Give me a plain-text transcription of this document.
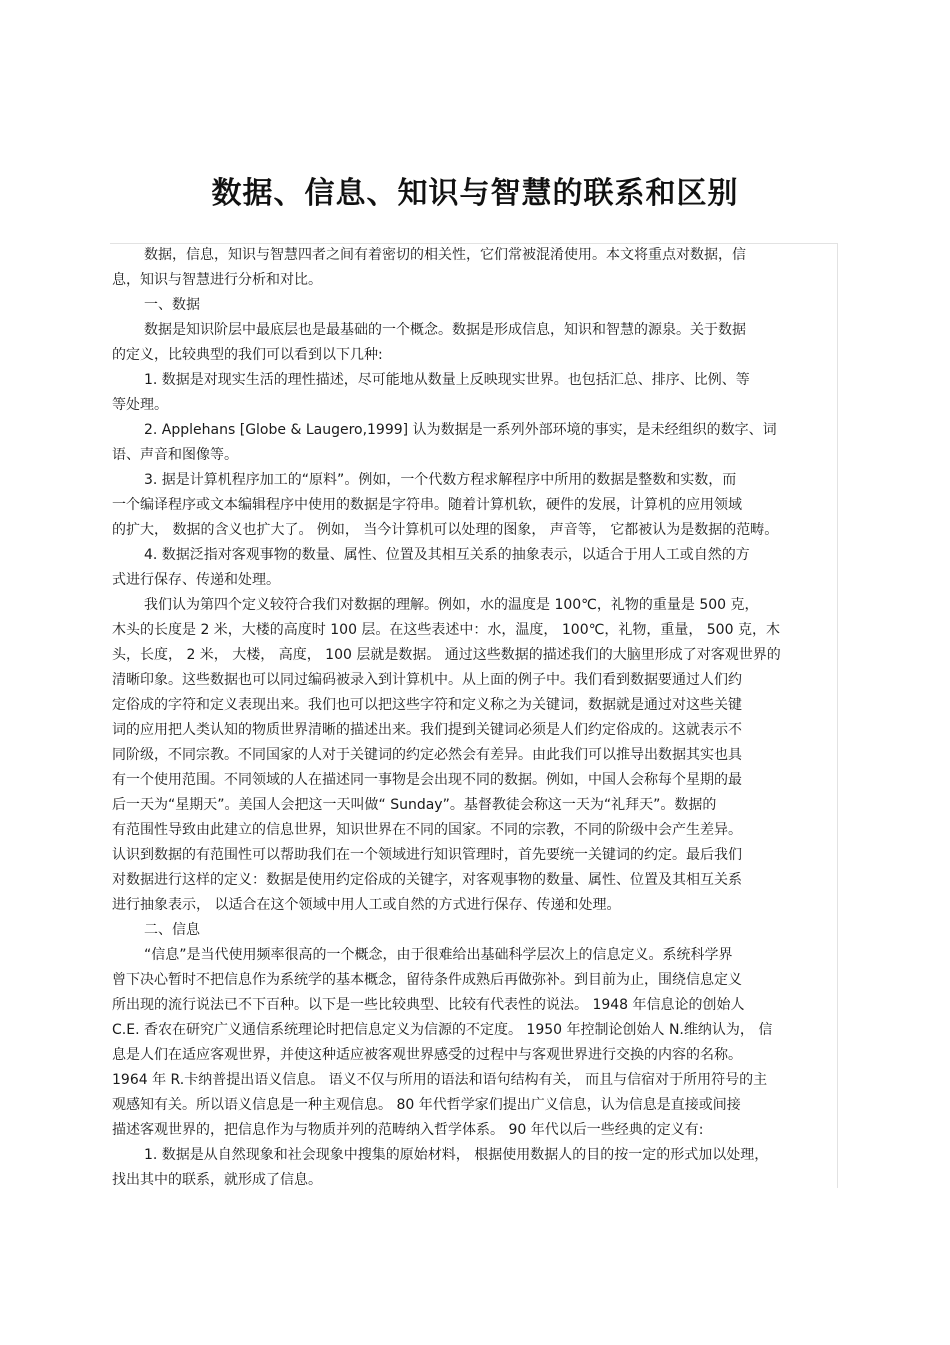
数据、信息、知识与智慧的联系和区别
数据，信息，知识与智慧四者之间有着密切的相关性，它们常被混淆使用。本文将重点对数据，信
息，知识与智慧进行分析和对比。
一、数据
数据是知识阶层中最底层也是最基础的一个概念。数据是形成信息，知识和智慧的源泉。关于数据
的定义，比较典型的我们可以看到以下几种:
1. 数据是对现实生活的理性描述，尽可能地从数量上反映现实世界。也包括汇总、排序、比例、等
等处理。
2. Applehans [Globe & Laugero,1999] 认为数据是一系列外部环境的事实，是未经组织的数字、词
语、声音和图像等。
3. 据是计算机程序加工的“原料”。例如，一个代数方程求解程序中所用的数据是整数和实数，而
一个编译程序或文本编辑程序中使用的数据是字符串。随着计算机软，硬件的发展，计算机的应用领域
的扩大， 数据的含义也扩大了。 例如， 当今计算机可以处理的图象， 声音等， 它都被认为是数据的范畴。
4. 数据泛指对客观事物的数量、属性、位置及其相互关系的抽象表示，以适合于用人工或自然的方
式进行保存、传递和处理。
我们认为第四个定义较符合我们对数据的理解。例如，水的温度是 100℃，礼物的重量是 500 克，
木头的长度是 2 米，大楼的高度时 100 层。在这些表述中：水，温度， 100℃，礼物，重量， 500 克，木
头，长度， 2 米， 大楼， 高度， 100 层就是数据。 通过这些数据的描述我们的大脑里形成了对客观世界的
清晰印象。这些数据也可以同过编码被录入到计算机中。从上面的例子中。我们看到数据要通过人们约
定俗成的字符和定义表现出来。我们也可以把这些字符和定义称之为关键词，数据就是通过对这些关键
词的应用把人类认知的物质世界清晰的描述出来。我们提到关键词必须是人们约定俗成的。这就表示不
同阶级，不同宗教。不同国家的人对于关键词的约定必然会有差异。由此我们可以推导出数据其实也具
有一个使用范围。不同领域的人在描述同一事物是会出现不同的数据。例如，中国人会称每个星期的最
后一天为“星期天”。美国人会把这一天叫做“ Sunday”。基督教徒会称这一天为“礼拜天”。数据的
有范围性导致由此建立的信息世界，知识世界在不同的国家。不同的宗教，不同的阶级中会产生差异。
认识到数据的有范围性可以帮助我们在一个领域进行知识管理时，首先要统一关键词的约定。最后我们
对数据进行这样的定义：数据是使用约定俗成的关键字，对客观事物的数量、属性、位置及其相互关系
进行抽象表示， 以适合在这个领域中用人工或自然的方式进行保存、传递和处理。
二、信息
“信息”是当代使用频率很高的一个概念，由于很难给出基础科学层次上的信息定义。系统科学界
曾下决心暂时不把信息作为系统学的基本概念，留待条件成熟后再做弥补。到目前为止，围绕信息定义
所出现的流行说法已不下百种。以下是一些比较典型、比较有代表性的说法。 1948 年信息论的创始人
C.E. 香农在研究广义通信系统理论时把信息定义为信源的不定度。 1950 年控制论创始人 N.维纳认为， 信
息是人们在适应客观世界，并使这种适应被客观世界感受的过程中与客观世界进行交换的内容的名称。
1964 年 R.卡纳普提出语义信息。 语义不仅与所用的语法和语句结构有关， 而且与信宿对于所用符号的主
观感知有关。所以语义信息是一种主观信息。 80 年代哲学家们提出广义信息，认为信息是直接或间接
描述客观世界的，把信息作为与物质并列的范畴纳入哲学体系。 90 年代以后一些经典的定义有:
1. 数据是从自然现象和社会现象中搜集的原始材料， 根据使用数据人的目的按一定的形式加以处理，
找出其中的联系，就形成了信息。
